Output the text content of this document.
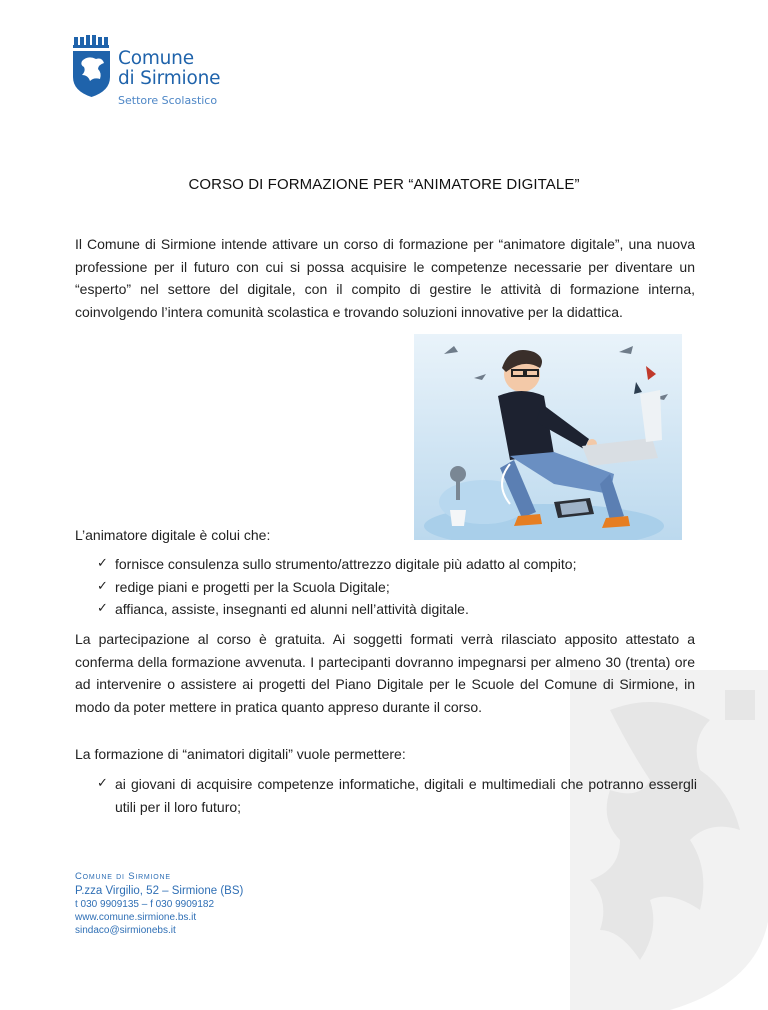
Comune
di Sirmione
Settore Scolastico
CORSO DI FORMAZIONE PER “ANIMATORE DIGITALE”

Il Comune di Sirmione intende attivare un corso di formazione per “animatore digitale”, una nuova professione per il futuro con cui si possa acquisire le competenze necessarie per diventare un “esperto” nel settore del digitale, con il compito di gestire le attività di formazione interna, coinvolgendo l’intera comunità scolastica e trovando soluzioni innovative per la didattica.

L’animatore digitale è colui che:
✓ fornisce consulenza sullo strumento/attrezzo digitale più adatto al compito;
✓ redige piani e progetti per la Scuola Digitale;
✓ affianca, assiste, insegnanti ed alunni nell’attività digitale.

La partecipazione al corso è gratuita. Ai soggetti formati verrà rilasciato apposito attestato a conferma della formazione avvenuta. I partecipanti dovranno impegnarsi per almeno 30 (trenta) ore ad intervenire o assistere ai progetti del Piano Digitale per le Scuole del Comune di Sirmione, in modo da poter mettere in pratica quanto appreso durante il corso.

La formazione di “animatori digitali” vuole permettere:
✓ ai giovani di acquisire competenze informatiche, digitali e multimediali che potranno essergli utili per il loro futuro;
Comune di Sirmione
P.zza Virgilio, 52 – Sirmione (BS)
t 030 9909135 – f 030 9909182
www.comune.sirmione.bs.it
sindaco@sirmionebs.it
